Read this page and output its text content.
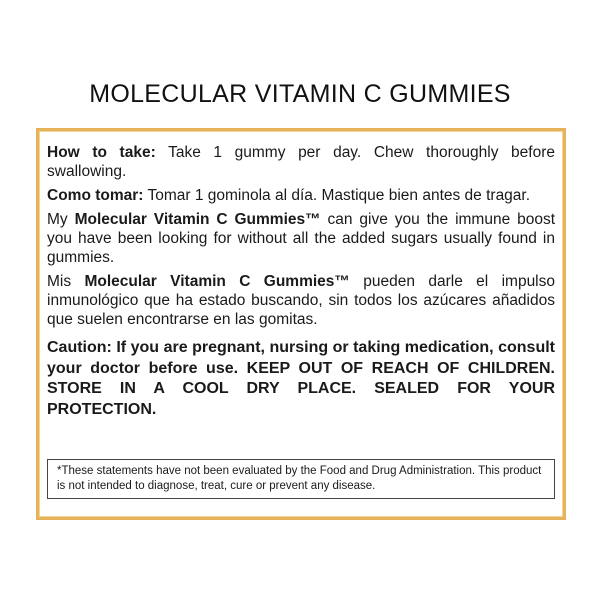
MOLECULAR VITAMIN C GUMMIES

How to take: Take 1 gummy per day. Chew thoroughly before swallowing.

Como tomar: Tomar 1 gominola al día. Mastique bien antes de tragar.

My Molecular Vitamin C Gummies™ can give you the immune boost you have been looking for without all the added sugars usually found in gummies.

Mis Molecular Vitamin C Gummies™ pueden darle el impulso inmunológico que ha estado buscando, sin todos los azúcares añadidos que suelen encontrarse en las gomitas.

Caution: If you are pregnant, nursing or taking medication, consult your doctor before use. KEEP OUT OF REACH OF CHILDREN. STORE IN A COOL DRY PLACE. SEALED FOR YOUR PROTECTION.
*These statements have not been evaluated by the Food and Drug Administration. This product is not intended to diagnose, treat, cure or prevent any disease.
